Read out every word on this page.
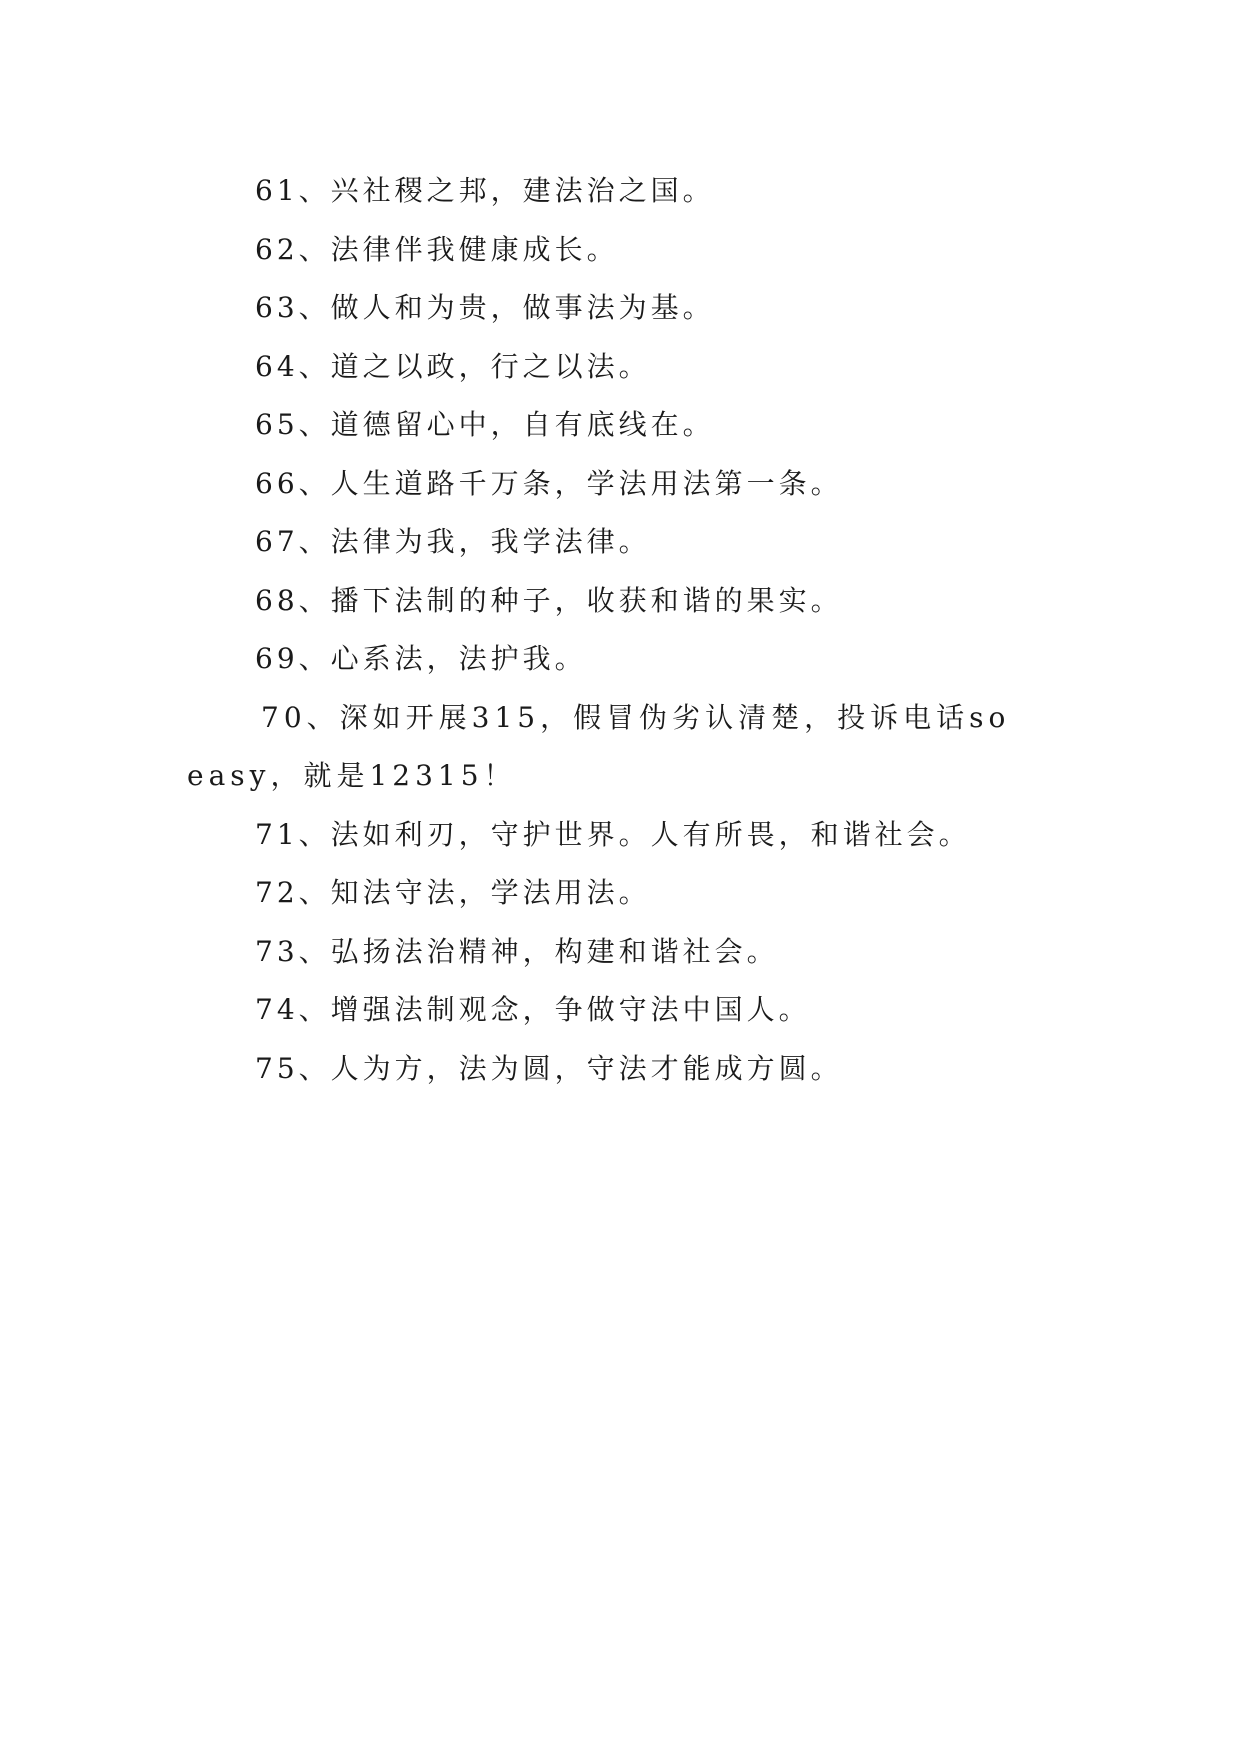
61、兴社稷之邦，建法治之国。
62、法律伴我健康成长。
63、做人和为贵，做事法为基。
64、道之以政，行之以法。
65、道德留心中，自有底线在。
66、人生道路千万条，学法用法第一条。
67、法律为我，我学法律。
68、播下法制的种子，收获和谐的果实。
69、心系法，法护我。
70、深如开展315，假冒伪劣认清楚，投诉电话so easy，就是12315！
71、法如利刃，守护世界。人有所畏，和谐社会。
72、知法守法，学法用法。
73、弘扬法治精神，构建和谐社会。
74、增强法制观念，争做守法中国人。
75、人为方，法为圆，守法才能成方圆。
